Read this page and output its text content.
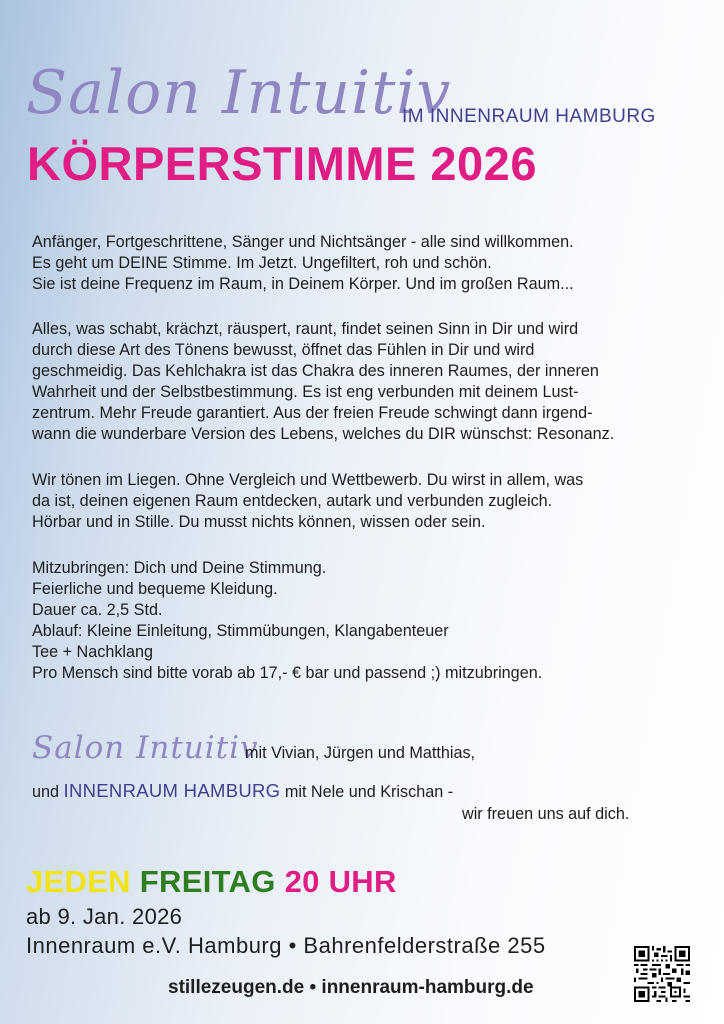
Salon Intuitiv
IM INNENRAUM HAMBURG
KÖRPERSTIMME 2026

Anfänger, Fortgeschrittene, Sänger und Nichtsänger - alle sind willkommen.

Es geht um DEINE Stimme. Im Jetzt. Ungefiltert, roh und schön.

Sie ist deine Frequenz im Raum, in Deinem Körper. Und im großen Raum...

Alles, was schabt, krächzt, räuspert, raunt, findet seinen Sinn in Dir und wird

durch diese Art des Tönens bewusst, öffnet das Fühlen in Dir und wird

geschmeidig. Das Kehlchakra ist das Chakra des inneren Raumes, der inneren

Wahrheit und der Selbstbestimmung. Es ist eng verbunden mit deinem Lust-

zentrum. Mehr Freude garantiert. Aus der freien Freude schwingt dann irgend-

wann die wunderbare Version des Lebens, welches du DIR wünschst: Resonanz.

Wir tönen im Liegen. Ohne Vergleich und Wettbewerb. Du wirst in allem, was

da ist, deinen eigenen Raum entdecken, autark und verbunden zugleich.

Hörbar und in Stille. Du musst nichts können, wissen oder sein.

Mitzubringen: Dich und Deine Stimmung.
Feierliche und bequeme Kleidung.
Dauer ca. 2,5 Std.
Ablauf: Kleine Einleitung, Stimmübungen, Klangabenteuer
Tee + Nachklang
Pro Mensch sind bitte vorab ab 17,- € bar und passend ;) mitzubringen.
Salon Intuitiv
mit Vivian, Jürgen und Matthias,
und INNENRAUM HAMBURG mit Nele und Krischan -
wir freuen uns auf dich.
JEDEN FREITAG 20 UHR
ab 9. Jan. 2026
Innenraum e.V. Hamburg • Bahrenfelderstraße 255
stillezeugen.de • innenraum-hamburg.de
